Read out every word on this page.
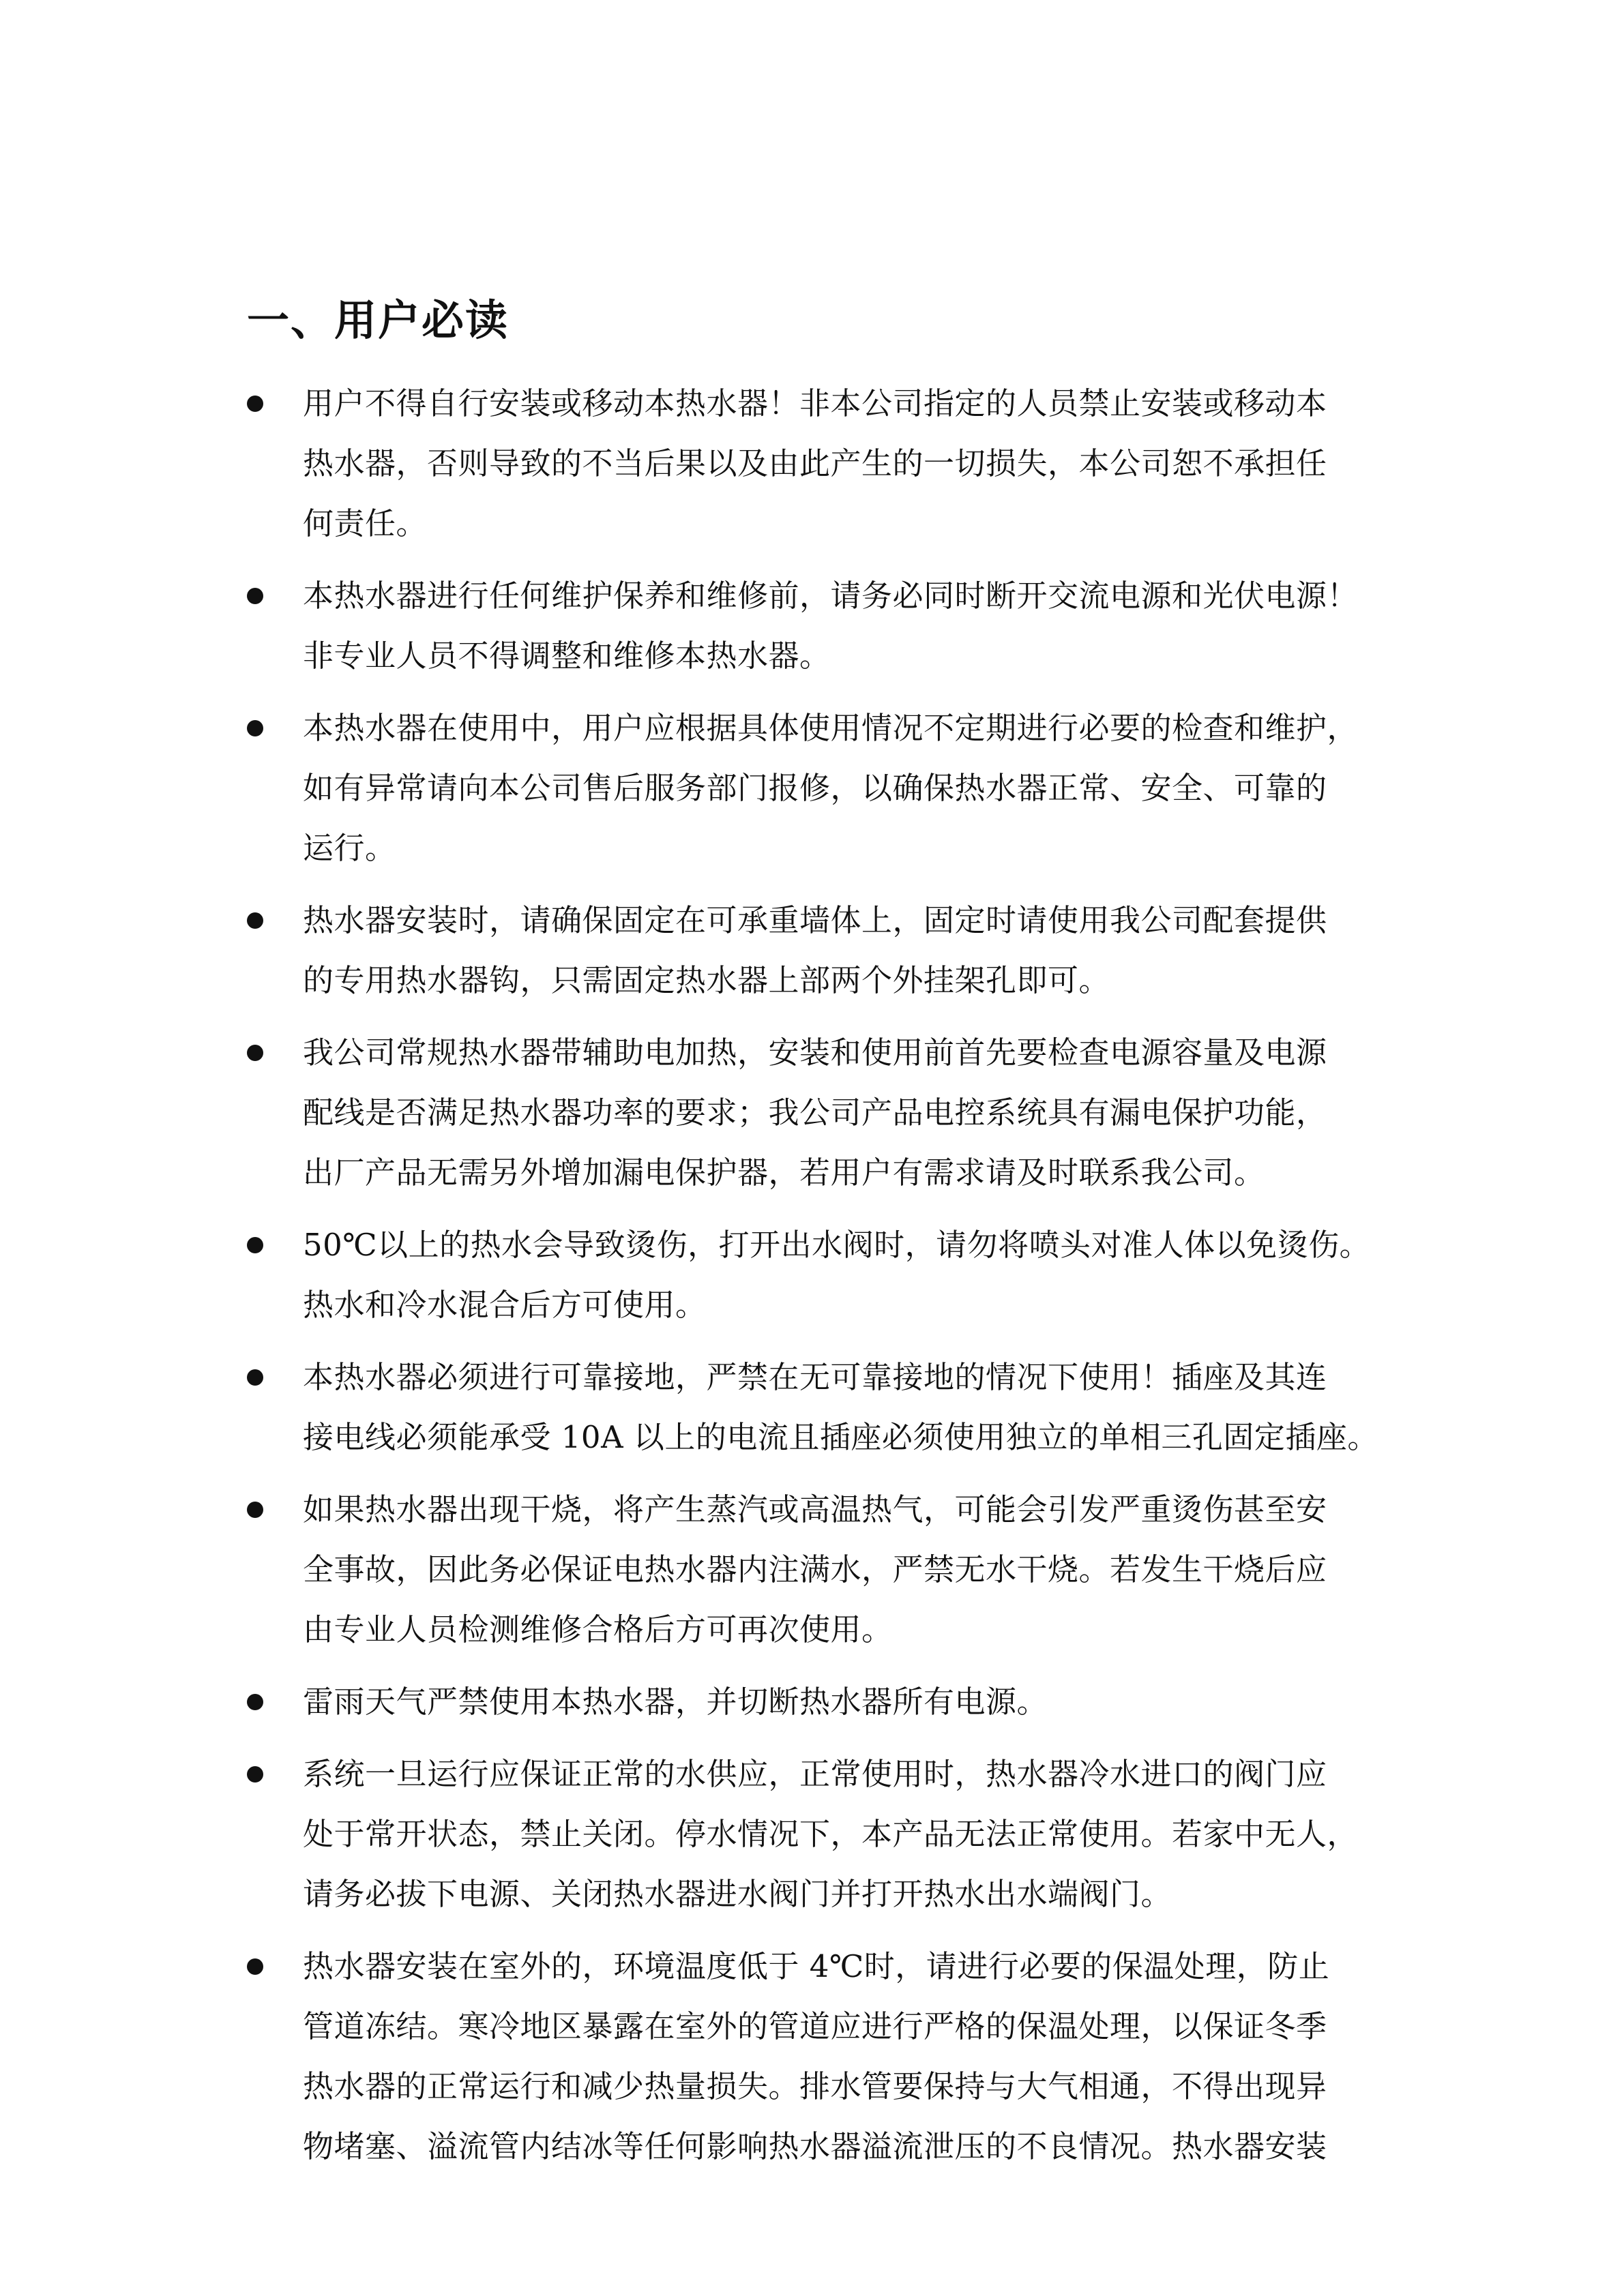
一、用户必读

用户不得自行安装或移动本热水器！非本公司指定的人员禁止安装或移动本
热水器，否则导致的不当后果以及由此产生的一切损失，本公司恕不承担任
何责任。

本热水器进行任何维护保养和维修前，请务必同时断开交流电源和光伏电源！
非专业人员不得调整和维修本热水器。

本热水器在使用中，用户应根据具体使用情况不定期进行必要的检查和维护，
如有异常请向本公司售后服务部门报修，以确保热水器正常、安全、可靠的
运行。

热水器安装时，请确保固定在可承重墙体上，固定时请使用我公司配套提供
的专用热水器钩，只需固定热水器上部两个外挂架孔即可。

我公司常规热水器带辅助电加热，安装和使用前首先要检查电源容量及电源
配线是否满足热水器功率的要求；我公司产品电控系统具有漏电保护功能，
出厂产品无需另外增加漏电保护器，若用户有需求请及时联系我公司。

50℃以上的热水会导致烫伤，打开出水阀时，请勿将喷头对准人体以免烫伤。
热水和冷水混合后方可使用。

本热水器必须进行可靠接地，严禁在无可靠接地的情况下使用！插座及其连
接电线必须能承受 10A 以上的电流且插座必须使用独立的单相三孔固定插座。

如果热水器出现干烧，将产生蒸汽或高温热气，可能会引发严重烫伤甚至安
全事故，因此务必保证电热水器内注满水，严禁无水干烧。若发生干烧后应
由专业人员检测维修合格后方可再次使用。

雷雨天气严禁使用本热水器，并切断热水器所有电源。

系统一旦运行应保证正常的水供应，正常使用时，热水器冷水进口的阀门应
处于常开状态，禁止关闭。停水情况下，本产品无法正常使用。若家中无人，
请务必拔下电源、关闭热水器进水阀门并打开热水出水端阀门。

热水器安装在室外的，环境温度低于 4℃时，请进行必要的保温处理，防止
管道冻结。寒冷地区暴露在室外的管道应进行严格的保温处理，以保证冬季
热水器的正常运行和减少热量损失。排水管要保持与大气相通，不得出现异
物堵塞、溢流管内结冰等任何影响热水器溢流泄压的不良情况。热水器安装
